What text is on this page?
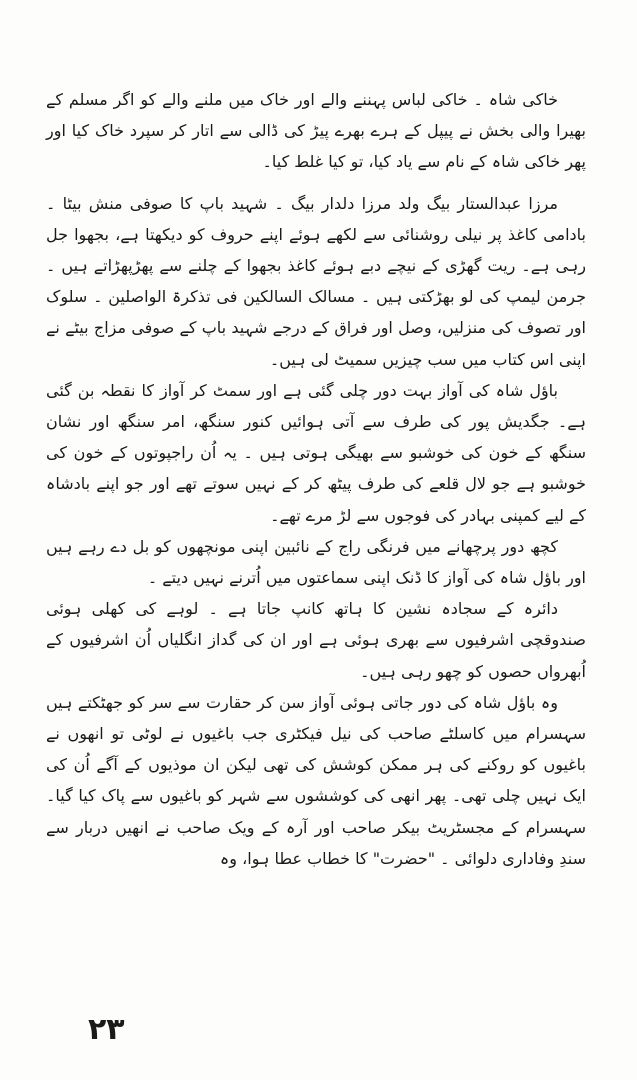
خاکی شاہ ۔ خاکی لباس پہننے والے اور خاک میں ملنے والے کو اگر مسلم کے بھیرا والی بخش نے پیپل کے ہرے بھرے پیڑ کی ڈالی سے اتار کر سپرد خاک کیا اور پھر خاکی شاہ کے نام سے یاد کیا، تو کیا غلط کیا۔

مرزا عبدالستار بیگ ولد مرزا دلدار بیگ ۔ شہید باپ کا صوفی منش بیٹا ۔ بادامی کاغذ پر نیلی روشنائی سے لکھے ہوئے اپنے حروف کو دیکھتا ہے، بجھوا جل رہی ہے۔ ریت گھڑی کے نیچے دبے ہوئے کاغذ بجھوا کے چلنے سے پھڑپھڑاتے ہیں ۔ جرمن لیمپ کی لو بھڑکتی ہیں ۔ مسالک السالکین فی تذکرۃ الواصلین ۔ سلوک اور تصوف کی منزلیں، وصل اور فراق کے درجے شہید باپ کے صوفی مزاج بیٹے نے اپنی اس کتاب میں سب چیزیں سمیٹ لی ہیں۔

باؤل شاہ کی آواز بہت دور چلی گئی ہے اور سمٹ کر آواز کا نقطہ بن گئی ہے۔ جگدیش پور کی طرف سے آتی ہوائیں کنور سنگھ، امر سنگھ اور نشان سنگھ کے خون کی خوشبو سے بھیگی ہوتی ہیں ۔ یہ اُن راجپوتوں کے خون کی خوشبو ہے جو لال قلعے کی طرف پیٹھ کر کے نہیں سوتے تھے اور جو اپنے بادشاہ کے لیے کمپنی بہادر کی فوجوں سے لڑ مرے تھے۔

کچھ دور پرچھانے میں فرنگی راج کے نائبین اپنی مونچھوں کو بل دے رہے ہیں اور باؤل شاہ کی آواز کا ڈنک اپنی سماعتوں میں اُترنے نہیں دیتے ۔

دائرہ کے سجادہ نشین کا ہاتھ کانپ جاتا ہے ۔ لوہے کی کھلی ہوئی صندوقچی اشرفیوں سے بھری ہوئی ہے اور ان کی گداز انگلیاں اُن اشرفیوں کے اُبھرواں حصوں کو چھو رہی ہیں۔

وہ باؤل شاہ کی دور جاتی ہوئی آواز سن کر حقارت سے سر کو جھٹکتے ہیں سہسرام میں کاسلٹے صاحب کی نیل فیکٹری جب باغیوں نے لوٹی تو انھوں نے باغیوں کو روکنے کی ہر ممکن کوشش کی تھی لیکن ان موذیوں کے آگے اُن کی ایک نہیں چلی تھی۔ پھر انھی کی کوششوں سے شہر کو باغیوں سے پاک کیا گیا۔ سہسرام کے مجسٹریٹ بیکر صاحب اور آرہ کے ویک صاحب نے انھیں دربار سے سندِ وفاداری دلوائی ۔ "حضرت" کا خطاب عطا ہوا، وہ

۲۳
